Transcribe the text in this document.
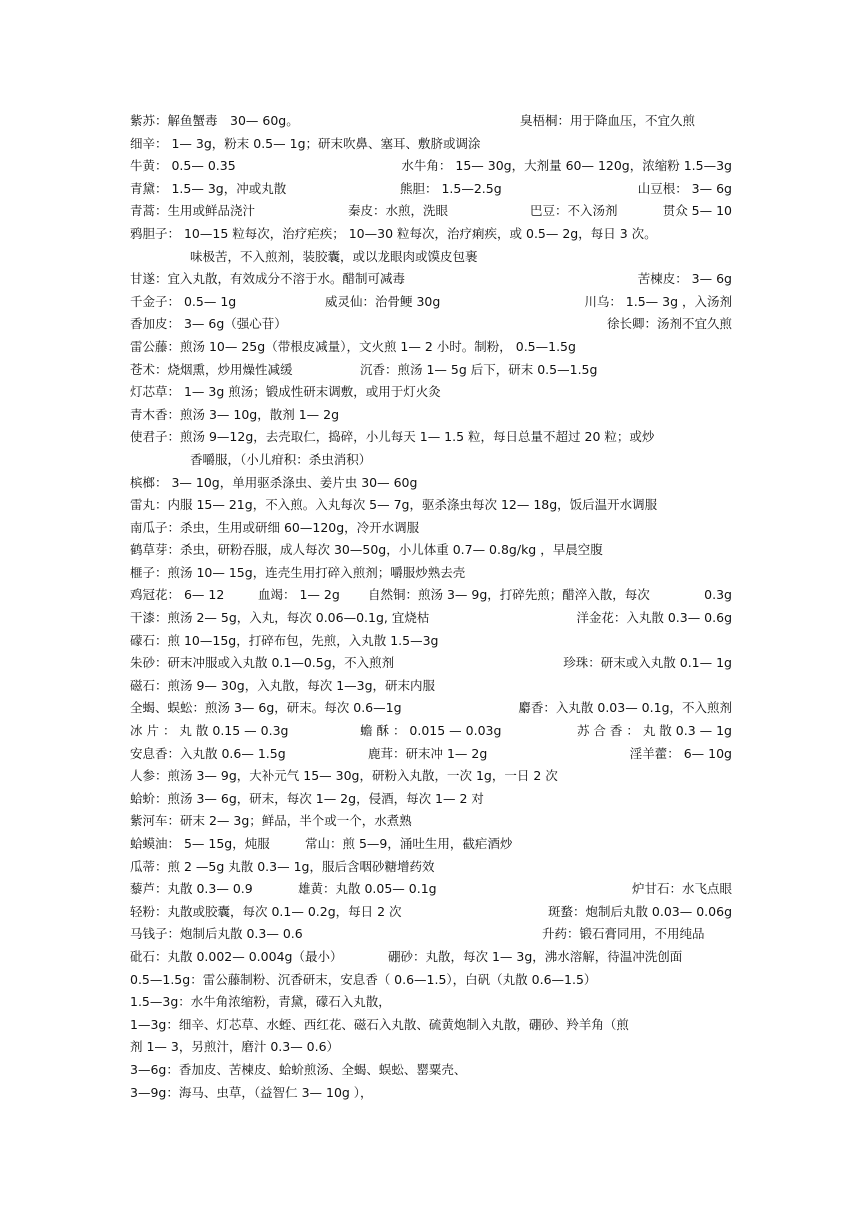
紫苏：解鱼蟹毒　30— 60g。	臭梧桐：用于降血压，不宜久煎
细辛： 1— 3g，粉末 0.5— 1g；研末吹鼻、塞耳、敷脐或调涂
牛黄： 0.5— 0.35	水牛角： 15— 30g，大剂量 60— 120g，浓缩粉 1.5—3g
青黛： 1.5— 3g，冲或丸散	熊胆： 1.5—2.5g	山豆根： 3— 6g
青蒿：生用或鲜品浇汁	秦皮：水煎，洗眼	巴豆：不入汤剂	贯众 5— 10
鸦胆子： 10—15 粒每次，治疗疟疾； 10—30 粒每次，治疗痢疾，或 0.5— 2g，每日 3 次。
味极苦，不入煎剂，装胶囊，或以龙眼肉或馍皮包裹
甘遂：宜入丸散，有效成分不溶于水。醋制可减毒	苦楝皮： 3— 6g
千金子： 0.5— 1g	威灵仙：治骨鲠 30g	川乌： 1.5— 3g ，入汤剂
香加皮： 3— 6g（强心苷）	徐长卿：汤剂不宜久煎
雷公藤：煎汤 10— 25g（带根皮减量），文火煎 1— 2 小时。制粉， 0.5—1.5g
苍术：烧烟熏，炒用燥性减缓	沉香：煎汤 1— 5g 后下，研末 0.5—1.5g
灯芯草： 1— 3g 煎汤；锻成性研末调敷，或用于灯火灸
青木香：煎汤 3— 10g，散剂 1— 2g
使君子：煎汤 9—12g，去壳取仁，捣碎，小儿每天 1— 1.5 粒，每日总量不超过 20 粒；或炒
香嚼服，（小儿疳积：杀虫消积）
槟榔： 3— 10g，单用驱杀涤虫、姜片虫 30— 60g
雷丸：内服 15— 21g，不入煎。入丸每次 5— 7g，驱杀涤虫每次 12— 18g，饭后温开水调服
南瓜子：杀虫，生用或研细 60—120g，冷开水调服
鹤草芽：杀虫，研粉吞服，成人每次 30—50g，小儿体重 0.7— 0.8g/kg ，早晨空腹
榧子：煎汤 10— 15g，连壳生用打碎入煎剂；嚼服炒熟去壳
鸡冠花： 6— 12	血竭： 1— 2g 自然铜：煎汤 3— 9g，打碎先煎；醋淬入散，每次	0.3g
干漆：煎汤 2— 5g，入丸，每次 0.06—0.1g, 宜烧枯	洋金花：入丸散 0.3— 0.6g
礞石：煎 10—15g，打碎布包，先煎，入丸散 1.5—3g
朱砂：研末冲服或入丸散 0.1—0.5g，不入煎剂	珍珠：研末或入丸散 0.1— 1g
磁石：煎汤 9— 30g，入丸散，每次 1—3g，研末内服
全蝎、蜈蚣：煎汤 3— 6g，研末。每次 0.6—1g	麝香：入丸散 0.03— 0.1g，不入煎剂
冰 片 ： 丸 散 0.15 — 0.3g	蟾 酥 ： 0.015 — 0.03g	苏 合 香 ： 丸 散 0.3 — 1g
安息香：入丸散 0.6— 1.5g	鹿茸：研末冲 1— 2g	淫羊藿： 6— 10g
人参：煎汤 3— 9g，大补元气 15— 30g，研粉入丸散，一次 1g，一日 2 次
蛤蚧：煎汤 3— 6g，研末，每次 1— 2g，侵酒，每次 1— 2 对
紫河车：研末 2— 3g；鲜品，半个或一个，水煮熟
蛤蟆油： 5— 15g，炖服	常山：煎 5—9，涌吐生用，截疟酒炒
瓜蒂：煎 2 —5g 丸散 0.3— 1g，服后含咽砂糖增药效
藜芦：丸散 0.3— 0.9	雄黄：丸散 0.05— 0.1g	炉甘石：水飞点眼
轻粉：丸散或胶囊，每次 0.1— 0.2g，每日 2 次	斑蝥：炮制后丸散 0.03— 0.06g
马钱子：炮制后丸散 0.3— 0.6	升药：锻石膏同用，不用纯品
砒石：丸散 0.002— 0.004g（最小）	硼砂：丸散，每次 1— 3g，沸水溶解，待温冲洗创面
0.5—1.5g：雷公藤制粉、沉香研末，安息香（ 0.6—1.5），白矾（丸散 0.6—1.5）
1.5—3g：水牛角浓缩粉，青黛，礞石入丸散，
1—3g：细辛、灯芯草、水蛭、西红花、磁石入丸散、硫黄炮制入丸散，硼砂、羚羊角（煎
剂 1— 3，另煎汁，磨汁 0.3— 0.6）
3—6g：香加皮、苦楝皮、蛤蚧煎汤、全蝎、蜈蚣、罂粟壳、
3—9g：海马、虫草，（益智仁 3— 10g ），
